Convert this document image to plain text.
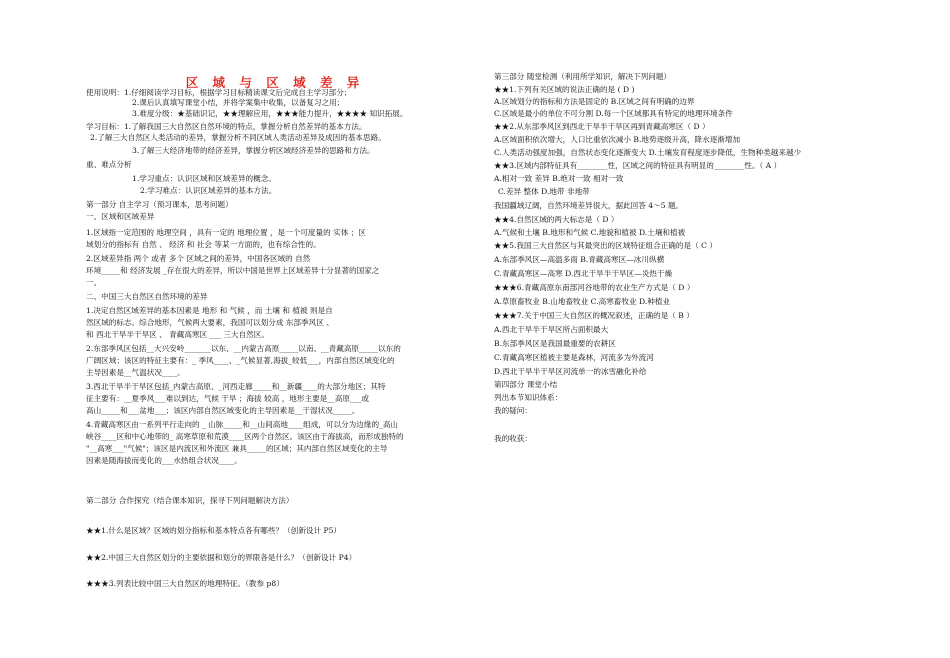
区 域 与 区 域 差 异
使用说明：1.仔细阅读学习目标，根据学习目标精读课文后完成自主学习部分；
2.课后认真填写课堂小结，并将学案集中收集，以备复习之用；
3.难度分级：★基础识记，★★理解应用，★★★能力提升，★★★★ 知识拓展。
学习目标：1.了解我国三大自然区自然环境的特点，掌握分析自然差异的基本方法。
2.了解三大自然区人类活动的差异，掌握分析不同区域人类活动差异及成因的基本思路。
3.了解三大经济地带的经济差异，掌握分析区域经济差异的思路和方法。
重、难点分析
1.学习重点：认识区域和区域差异的概念。
2.学习难点：认识区域差异的基本方法。
第一部分 自主学习（预习课本，思考问题）
一、区域和区域差异
1.区域指一定范围的 地理空间 ，具有一定的 地理位置 ，是一个可度量的 实体 ；区
域划分的指标有 自然 、 经济 和 社会 等某一方面的，也有综合性的。
2.区域差异指 两个 或者 多个 区域之间的差异，中国各区域的 自然
环境_____和 经济发展 _存在很大的差异，所以中国是世界上区域差异十分显著的国家之
一。
二、中国三大自然区自然环境的差异
1.决定自然区域差异的基本因素是 地形 和 气候 ，而 土壤 和 植被 则是自
然区域的标志。综合地形，气候两大要素，我国可以划分成 东部季风区 、
和 西北干旱半干旱区 、 青藏高寒区 ___ 三大自然区。
2.东部季风区包括__大兴安岭_______以东、__内蒙古高原_____以南、__青藏高原_____以东的
广阔区域；该区的特征主要有：_ 季风____、_气候显著,海拔_较低___，内部自然区域变化的
主导因素是__气温状况____。
3.西北干旱半干旱区包括_内蒙古高原、_河西走廊_____和__新疆____的大部分地区；其特
征主要有：__夏季风___难以到达，气候 干旱 ；海拔 较高 ，地形主要是__高原___或
高山_____和___盆地___；该区内部自然区域变化的主导因素是__干湿状况_____。
4.青藏高寒区由一系列平行走向的 _ 山脉_____和__山间高地____组成，可以分为边缘的_高山
峡谷____区和中心地带的_ 高寒草原和荒漠____区两个自然区。该区由于海拔高，而形成独特的
"__高寒___"气候"；该区是内流区和外流区 兼具_____的区域；其内部自然区域变化的主导
因素是随海拔而变化的___水热组合状况____。
第二部分 合作探究（结合课本知识，探寻下列问题解决方法）
★★1.什么是区域？区域的划分指标和基本特点各有哪些？（创新设计 P5）
★★2.中国三大自然区划分的主要依据和划分的界限各是什么？（创新设计 P4）
★★★3.列表比较中国三大自然区的地理特征。（教参 p8）
第三部分 随堂检测（利用所学知识，解决下列问题）
★★1.下列有关区域的说法正确的是 ( D )
A.区域划分的指标和方法是固定的 B.区域之间有明确的边界
C.区域是最小的单位不可分割 D.每一个区域都具有特定的地理环境条件
★★2.从东部季风区到西北干旱半干旱区再到青藏高寒区（ D ）
A.区域面积依次增大，人口比重依次减小 B.地势逐级升高，降水逐渐增加
C.人类活动强度加强，自然状态变化逐渐变大 D.土壤发育程度逐步降低，生物种类越来越少
★★3.区域内部特征具有________性，区域之间的特征具有明显的________性。（ A ）
A.相对一致 差异 B.绝对一致 相对一致
C.差异 整体 D.地带 非地带
我国疆域辽阔，自然环境差异很大，据此回答 4～5 题。
★★4.自然区域的两大标志是（ D ）
A.气候和土壤 B.地形和气候 C.地貌和植被 D.土壤和植被
★★5.我国三大自然区与其最突出的区域特征组合正确的是（ C ）
A.东部季风区—高温多雨 B.青藏高寒区—冰川纵横
C.青藏高寒区—高寒 D.西北干旱半干旱区—炎热干燥
★★★6.青藏高原东南部河谷地带的农业生产方式是（ D ）
A.草原畜牧业 B.山地畜牧业 C.高寒畜牧业 D.种植业
★★★7.关于中国三大自然区的概况叙述，正确的是（ B ）
A.西北干旱半干旱区所占面积最大
B.东部季风区是我国最重要的农耕区
C.青藏高寒区植被主要是森林，河流多为外流河
D.西北干旱半干旱区河流单一的冰雪融化补给
第四部分 课堂小结
列出本节知识体系：
我的疑问：
我的收获：
